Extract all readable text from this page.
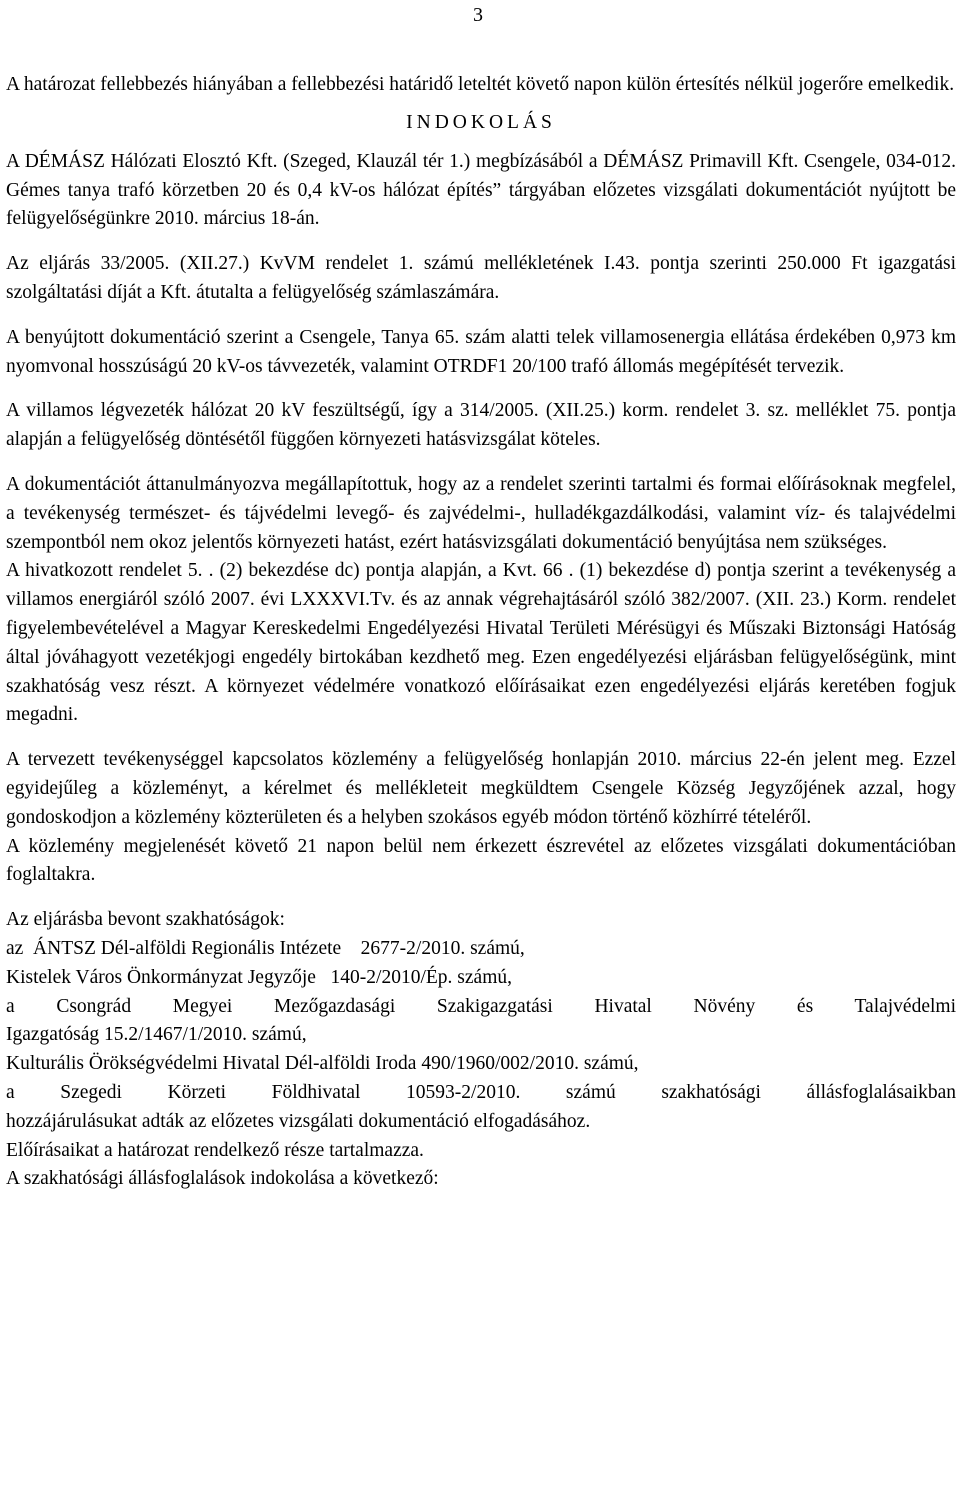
3

A határozat fellebbezés hiányában a fellebbezési határidő leteltét követő napon külön értesítés nélkül jogerőre emelkedik.

INDOKOLÁS

A DÉMÁSZ Hálózati Elosztó Kft. (Szeged, Klauzál tér 1.) megbízásából a DÉMÁSZ Primavill Kft. Csengele, 034-012. Gémes tanya trafó körzetben 20 és 0,4 kV-os hálózat építés” tárgyában előzetes vizsgálati dokumentációt nyújtott be felügyelőségünkre 2010. március 18-án.

Az eljárás 33/2005. (XII.27.) KvVM rendelet 1. számú mellékletének I.43. pontja szerinti 250.000 Ft igazgatási szolgáltatási díját a Kft. átutalta a felügyelőség számlaszámára.

A benyújtott dokumentáció szerint a Csengele, Tanya 65. szám alatti telek villamosenergia ellátása érdekében 0,973 km nyomvonal hosszúságú 20 kV-os távvezeték, valamint OTRDF1 20/100 trafó állomás megépítését tervezik.

A villamos légvezeték hálózat 20 kV feszültségű, így a 314/2005. (XII.25.) korm. rendelet 3. sz. melléklet 75. pontja alapján a felügyelőség döntésétől függően környezeti hatásvizsgálat köteles.

A dokumentációt áttanulmányozva megállapítottuk, hogy az a rendelet szerinti tartalmi és formai előírásoknak megfelel, a tevékenység természet- és tájvédelmi levegő- és zajvédelmi-, hulladékgazdálkodási, valamint víz- és talajvédelmi szempontból nem okoz jelentős környezeti hatást, ezért hatásvizsgálati dokumentáció benyújtása nem szükséges.

A hivatkozott rendelet 5. . (2) bekezdése dc) pontja alapján, a Kvt. 66 . (1) bekezdése d) pontja szerint a tevékenység a villamos energiáról szóló 2007. évi LXXXVI.Tv. és az annak végrehajtásáról szóló 382/2007. (XII. 23.) Korm. rendelet figyelembevételével a Magyar Kereskedelmi Engedélyezési Hivatal Területi Mérésügyi és Műszaki Biztonsági Hatóság által jóváhagyott vezetékjogi engedély birtokában kezdhető meg. Ezen engedélyezési eljárásban felügyelőségünk, mint szakhatóság vesz részt. A környezet védelmére vonatkozó előírásaikat ezen engedélyezési eljárás keretében fogjuk megadni.

A tervezett tevékenységgel kapcsolatos közlemény a felügyelőség honlapján 2010. március 22-én jelent meg. Ezzel egyidejűleg a közleményt, a kérelmet és mellékleteit megküldtem Csengele Község Jegyzőjének azzal, hogy gondoskodjon a közlemény közterületen és a helyben szokásos egyéb módon történő közhírré tételéről.

A közlemény megjelenését követő 21 napon belül nem érkezett észrevétel az előzetes vizsgálati dokumentációban foglaltakra.

Az eljárásba bevont szakhatóságok:
az  ÁNTSZ Dél-alföldi Regionális Intézete    2677-2/2010. számú,
Kistelek Város Önkormányzat Jegyzője   140-2/2010/Ép. számú,
a Csongrád Megyei Mezőgazdasági Szakigazgatási Hivatal Növény és Talajvédelmi
Igazgatóság 15.2/1467/1/2010. számú,
Kulturális Örökségvédelmi Hivatal Dél-alföldi Iroda 490/1960/002/2010. számú,
a Szegedi Körzeti Földhivatal 10593-2/2010. számú szakhatósági állásfoglalásaikban
hozzájárulásukat adták az előzetes vizsgálati dokumentáció elfogadásához.
Előírásaikat a határozat rendelkező része tartalmazza.
A szakhatósági állásfoglalások indokolása a következő:
